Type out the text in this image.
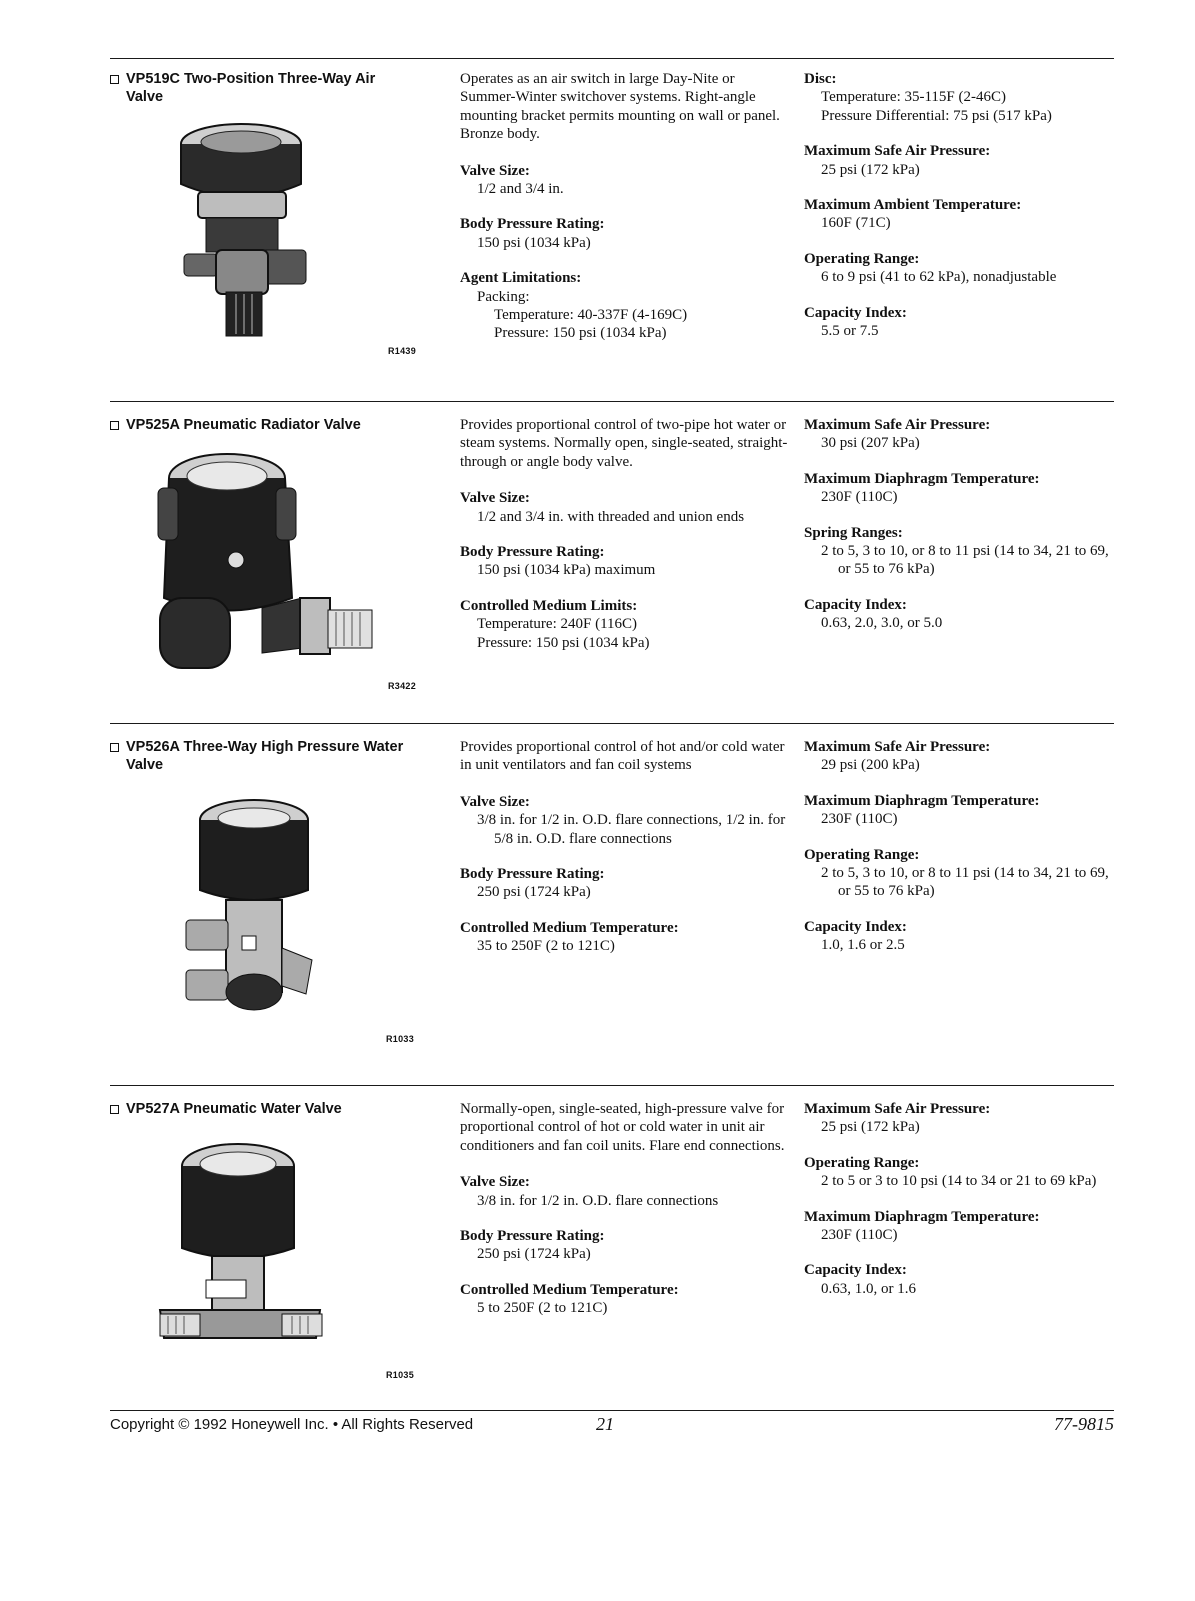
VP519C Two-Position Three-Way Air Valve
R1439
Operates as an air switch in large Day-Nite or Summer-Winter switchover systems. Right-angle mounting bracket permits mounting on wall or panel. Bronze body.
Valve Size:
1/2 and 3/4 in.
Body Pressure Rating:
150 psi (1034 kPa)
Agent Limitations:
Packing:
Temperature: 40-337F (4-169C)
Pressure: 150 psi (1034 kPa)
Disc:
Temperature: 35-115F (2-46C)
Pressure Differential: 75 psi (517 kPa)
Maximum Safe Air Pressure:
25 psi (172 kPa)
Maximum Ambient Temperature:
160F (71C)
Operating Range:
6 to 9 psi (41 to 62 kPa), nonadjustable
Capacity Index:
5.5 or 7.5
VP525A Pneumatic Radiator Valve
R3422
Provides proportional control of two-pipe hot water or steam systems. Normally open, single-seated, straight-through or angle body valve.
Valve Size:
1/2 and 3/4 in. with threaded and union ends
Body Pressure Rating:
150 psi (1034 kPa) maximum
Controlled Medium Limits:
Temperature: 240F (116C)
Pressure: 150 psi (1034 kPa)
Maximum Safe Air Pressure:
30 psi (207 kPa)
Maximum Diaphragm Temperature:
230F (110C)
Spring Ranges:
2 to 5, 3 to 10, or 8 to 11 psi (14 to 34, 21 to 69, or 55 to 76 kPa)
Capacity Index:
0.63, 2.0, 3.0, or 5.0
VP526A Three-Way High Pressure Water Valve
R1033
Provides proportional control of hot and/or cold water in unit ventilators and fan coil systems
Valve Size:
3/8 in. for 1/2 in. O.D. flare connections, 1/2 in. for 5/8 in. O.D. flare connections
Body Pressure Rating:
250 psi (1724 kPa)
Controlled Medium Temperature:
35 to 250F (2 to 121C)
Maximum Safe Air Pressure:
29 psi (200 kPa)
Maximum Diaphragm Temperature:
230F (110C)
Operating Range:
2 to 5, 3 to 10, or 8 to 11 psi (14 to 34, 21 to 69, or 55 to 76 kPa)
Capacity Index:
1.0, 1.6 or 2.5
VP527A Pneumatic Water Valve
R1035
Normally-open, single-seated, high-pressure valve for proportional control of hot or cold water in unit air conditioners and fan coil units. Flare end connections.
Valve Size:
3/8 in. for 1/2 in. O.D. flare connections
Body Pressure Rating:
250 psi (1724 kPa)
Controlled Medium Temperature:
5 to 250F (2 to 121C)
Maximum Safe Air Pressure:
25 psi (172 kPa)
Operating Range:
2 to 5 or 3 to 10 psi (14 to 34 or 21 to 69 kPa)
Maximum Diaphragm Temperature:
230F (110C)
Capacity Index:
0.63, 1.0, or 1.6
Copyright © 1992 Honeywell Inc. • All Rights Reserved	21	77-9815
